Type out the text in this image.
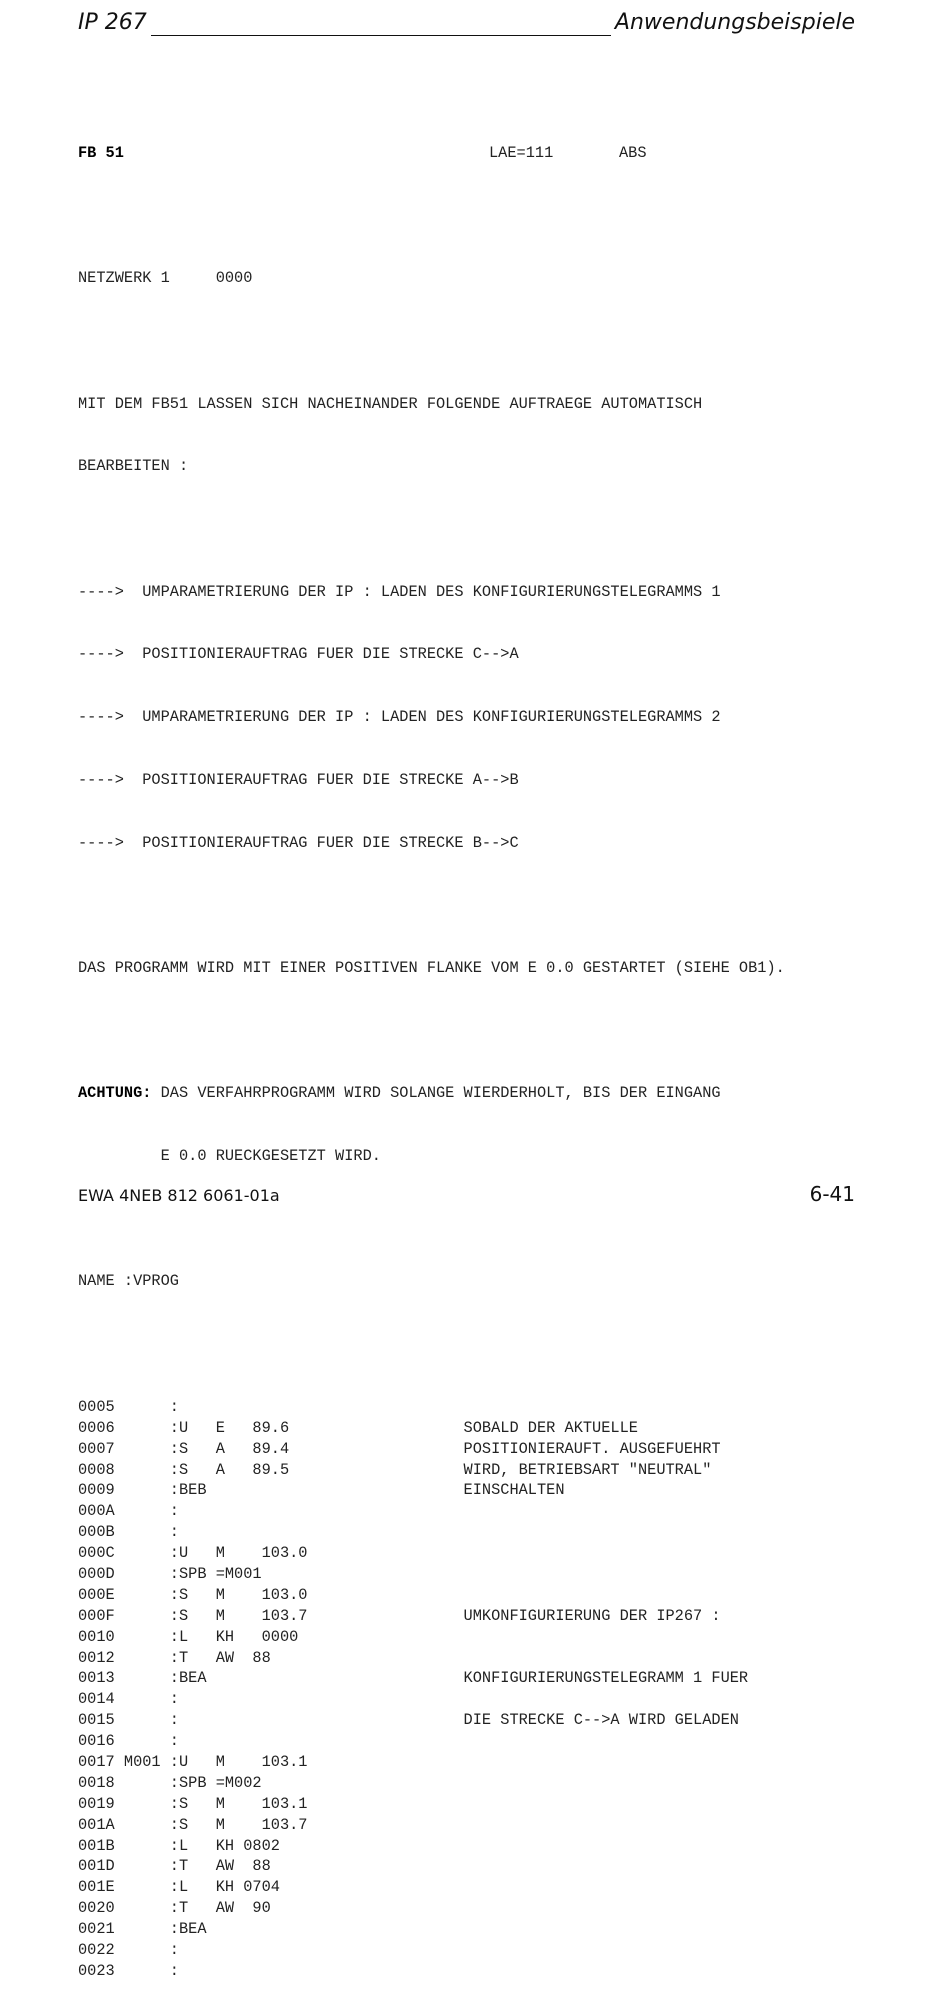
IP 267	Anwendungsbeispiele

FB 51	LAE=111	ABS

NETZWERK 1     0000

MIT DEM FB51 LASSEN SICH NACHEINANDER FOLGENDE AUFTRAEGE AUTOMATISCH

BEARBEITEN :

---->  UMPARAMETRIERUNG DER IP : LADEN DES KONFIGURIERUNGSTELEGRAMMS 1

---->  POSITIONIERAUFTRAG FUER DIE STRECKE C-->A

---->  UMPARAMETRIERUNG DER IP : LADEN DES KONFIGURIERUNGSTELEGRAMMS 2

---->  POSITIONIERAUFTRAG FUER DIE STRECKE A-->B

---->  POSITIONIERAUFTRAG FUER DIE STRECKE B-->C

DAS PROGRAMM WIRD MIT EINER POSITIVEN FLANKE VOM E 0.0 GESTARTET (SIEHE OB1).

ACHTUNG: DAS VERFAHRPROGRAMM WIRD SOLANGE WIERDERHOLT, BIS DER EINGANG

E 0.0 RUECKGESETZT WIRD.

NAME :VPROG

0005      :
0006      :U   E   89.6                   SOBALD DER AKTUELLE
0007      :S   A   89.4                   POSITIONIERAUFT. AUSGEFUEHRT
0008      :S   A   89.5                   WIRD, BETRIEBSART "NEUTRAL"
0009      :BEB                            EINSCHALTEN
000A      :
000B      :
000C      :U   M    103.0
000D      :SPB =M001
000E      :S   M    103.0
000F      :S   M    103.7                 UMKONFIGURIERUNG DER IP267 :
0010      :L   KH   0000
0012      :T   AW  88
0013      :BEA                            KONFIGURIERUNGSTELEGRAMM 1 FUER
0014      :
0015      :                               DIE STRECKE C-->A WIRD GELADEN
0016      :
0017 M001 :U   M    103.1
0018      :SPB =M002
0019      :S   M    103.1
001A      :S   M    103.7
001B      :L   KH 0802
001D      :T   AW  88
001E      :L   KH 0704
0020      :T   AW  90
0021      :BEA
0022      :
0023      :

EWA 4NEB 812 6061-01a	6-41
